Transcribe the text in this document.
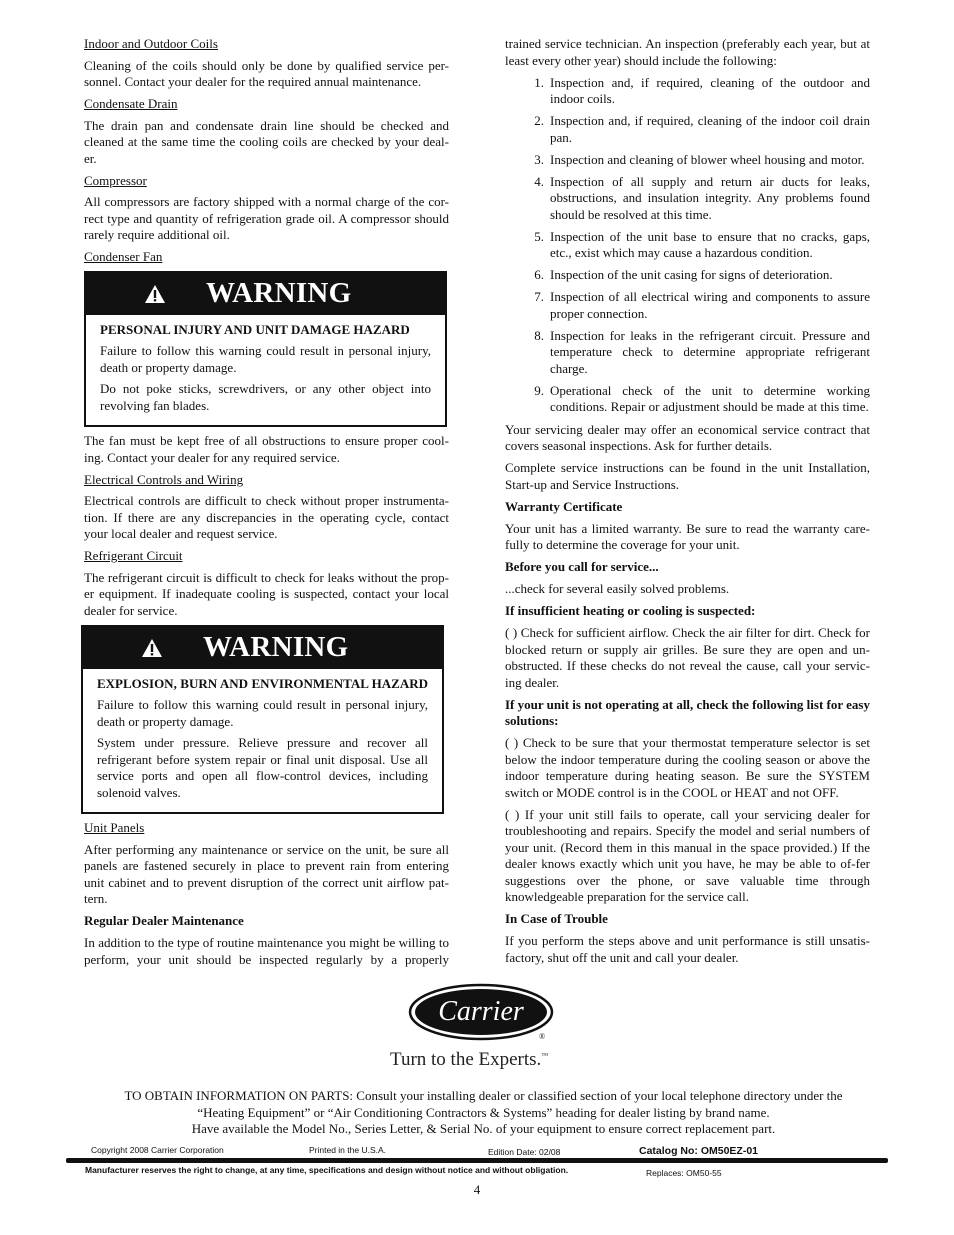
Indoor and Outdoor Coils

Cleaning of the coils should only be done by qualified service per-sonnel. Contact your dealer for the required annual maintenance.

Condensate Drain

The drain pan and condensate drain line should be checked and cleaned at the same time the cooling coils are checked by your deal-er.

Compressor

All compressors are factory shipped with a normal charge of the cor-rect type and quantity of refrigeration grade oil. A compressor should rarely require additional oil.

Condenser Fan
WARNING

PERSONAL INJURY AND UNIT DAMAGE HAZARD

Failure to follow this warning could result in personal injury, death or property damage.

Do not poke sticks, screwdrivers, or any other object into revolving fan blades.

The fan must be kept free of all obstructions to ensure proper cool-ing. Contact your dealer for any required service.

Electrical Controls and Wiring

Electrical controls are difficult to check without proper instrumenta-tion. If there are any discrepancies in the operating cycle, contact your local dealer and request service.

Refrigerant Circuit

The refrigerant circuit is difficult to check for leaks without the prop-er equipment. If inadequate cooling is suspected, contact your local dealer for service.

WARNING

EXPLOSION, BURN AND ENVIRONMENTAL HAZARD

Failure to follow this warning could result in personal injury, death or property damage.

System under pressure. Relieve pressure and recover all refrigerant before system repair or final unit disposal. Use all service ports and open all flow-control devices, including solenoid valves.

Unit Panels

After performing any maintenance or service on the unit, be sure all panels are fastened securely in place to prevent rain from entering unit cabinet and to prevent disruption of the correct unit airflow pat-tern.

Regular Dealer Maintenance

In addition to the type of routine maintenance you might be willing to perform, your unit should be inspected regularly by a properly

trained service technician. An inspection (preferably each year, but at least every other year) should include the following:

1. Inspection and, if required, cleaning of the outdoor and indoor coils.
2. Inspection and, if required, cleaning of the indoor coil drain pan.
3. Inspection and cleaning of blower wheel housing and motor.
4. Inspection of all supply and return air ducts for leaks, obstructions, and insulation integrity. Any problems found should be resolved at this time.
5. Inspection of the unit base to ensure that no cracks, gaps, etc., exist which may cause a hazardous condition.
6. Inspection of the unit casing for signs of deterioration.
7. Inspection of all electrical wiring and components to assure proper connection.
8. Inspection for leaks in the refrigerant circuit. Pressure and temperature check to determine appropriate refrigerant charge.
9. Operational check of the unit to determine working conditions. Repair or adjustment should be made at this time.

Your servicing dealer may offer an economical service contract that covers seasonal inspections. Ask for further details.

Complete service instructions can be found in the unit Installation, Start-up and Service Instructions.

Warranty Certificate

Your unit has a limited warranty. Be sure to read the warranty care-fully to determine the coverage for your unit.

Before you call for service...

...check for several easily solved problems.

If insufficient heating or cooling is suspected:

( ) Check for sufficient airflow. Check the air filter for dirt. Check for blocked return or supply air grilles. Be sure they are open and un-obstructed. If these checks do not reveal the cause, call your servic-ing dealer.

If your unit is not operating at all, check the following list for easy solutions:

( ) Check to be sure that your thermostat temperature selector is set below the indoor temperature during the cooling season or above the indoor temperature during heating season. Be sure the SYSTEM switch or MODE control is in the COOL or HEAT and not OFF.

( ) If your unit still fails to operate, call your servicing dealer for troubleshooting and repairs. Specify the model and serial numbers of your unit. (Record them in this manual in the space provided.) If the dealer knows exactly which unit you have, he may be able to of-fer suggestions over the phone, or save valuable time through knowledgeable preparation for the service call.

In Case of Trouble

If you perform the steps above and unit performance is still unsatis-factory, shut off the unit and call your dealer.

Carrier
®
Turn to the Experts.™
TO OBTAIN INFORMATION ON PARTS: Consult your installing dealer or classified section of your local telephone directory under the
“Heating Equipment” or “Air Conditioning Contractors & Systems” heading for dealer listing by brand name.
Have available the Model No., Series Letter, & Serial No. of your equipment to ensure correct replacement part.
Copyright 2008 Carrier Corporation	Printed in the U.S.A.	Edition Date: 02/08	Catalog No: OM50EZ-01
Manufacturer reserves the right to change, at any time, specifications and design without notice and without obligation.	Replaces: OM50-55
4
